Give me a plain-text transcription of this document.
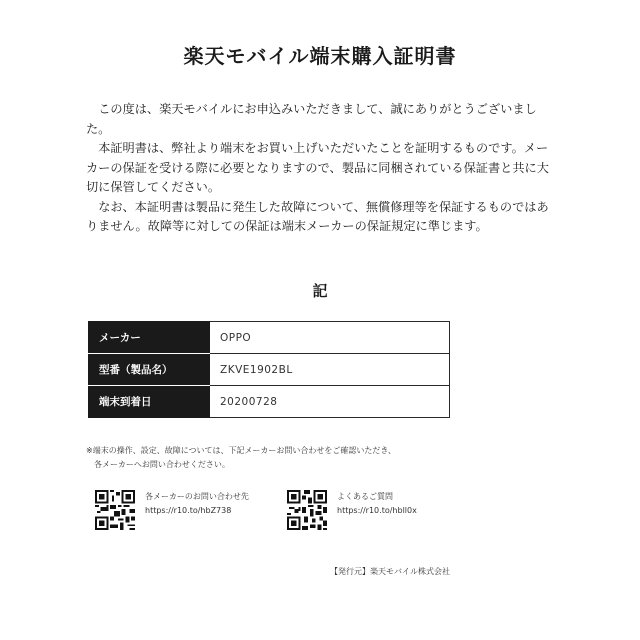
楽天モバイル端末購入証明書

この度は、楽天モバイルにお申込みいただきまして、誠にありがとうございました。

本証明書は、弊社より端末をお買い上げいただいたことを証明するものです。メーカーの保証を受ける際に必要となりますので、製品に同梱されている保証書と共に大切に保管してください。

なお、本証明書は製品に発生した故障について、無償修理等を保証するものではありません。故障等に対しての保証は端末メーカーの保証規定に準じます。

記
メーカー	OPPO
型番（製品名）	ZKVE1902BL
端末到着日	20200728
※端末の操作、設定、故障については、下記メーカーお問い合わせをご確認いただき、
　各メーカーへお問い合わせください。
各メーカーのお問い合わせ先
https://r10.to/hbZ738
よくあるご質問
https://r10.to/hbll0x
【発行元】楽天モバイル株式会社
